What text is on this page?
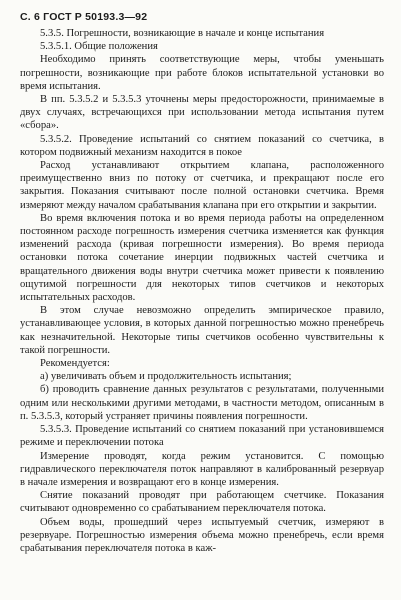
С. 6 ГОСТ Р 50193.3—92

5.3.5. Погрешности, возникающие в начале и конце испытания

5.3.5.1. Общие положения

Необходимо принять соответствующие меры, чтобы уменьшать погрешности, возникающие при работе блоков испытательной установки во время испытания.

В пп. 5.3.5.2 и 5.3.5.3 уточнены меры предосторожности, принимаемые в двух случаях, встречающихся при использовании метода испытания путем «сбора».

5.3.5.2. Проведение испытаний со снятием показаний со счетчика, в котором подвижный механизм находится в покое

Расход устанавливают открытием клапана, расположенного преимущественно вниз по потоку от счетчика, и прекращают после его закрытия. Показания считывают после полной остановки счетчика. Время измеряют между началом срабатывания клапана при его открытии и закрытии.

Во время включения потока и во время периода работы на определенном постоянном расходе погрешность измерения счетчика изменяется как функция изменений расхода (кривая погрешности измерения). Во время периода остановки потока сочетание инерции подвижных частей счетчика и вращательного движения воды внутри счетчика может привести к появлению ощутимой погрешности для некоторых типов счетчиков и некоторых испытательных расходов.

В этом случае невозможно определить эмпирическое правило, устанавливающее условия, в которых данной погрешностью можно пренебречь как незначительной. Некоторые типы счетчиков особенно чувствительны к такой погрешности.

Рекомендуется:

а) увеличивать объем и продолжительность испытания;

б) проводить сравнение данных результатов с результатами, полученными одним или несколькими другими методами, в частности методом, описанным в п. 5.3.5.3, который устраняет причины появления погрешности.

5.3.5.3. Проведение испытаний со снятием показаний при установившемся режиме и переключении потока

Измерение проводят, когда режим установится. С помощью гидравлического переключателя поток направляют в калиброванный резервуар в начале измерения и возвращают его в конце измерения.

Снятие показаний проводят при работающем счетчике. Показания считывают одновременно со срабатыванием переключателя потока.

Объем воды, прошедший через испытуемый счетчик, измеряют в резервуаре. Погрешностью измерения объема можно пренебречь, если время срабатывания переключателя потока в каж-
